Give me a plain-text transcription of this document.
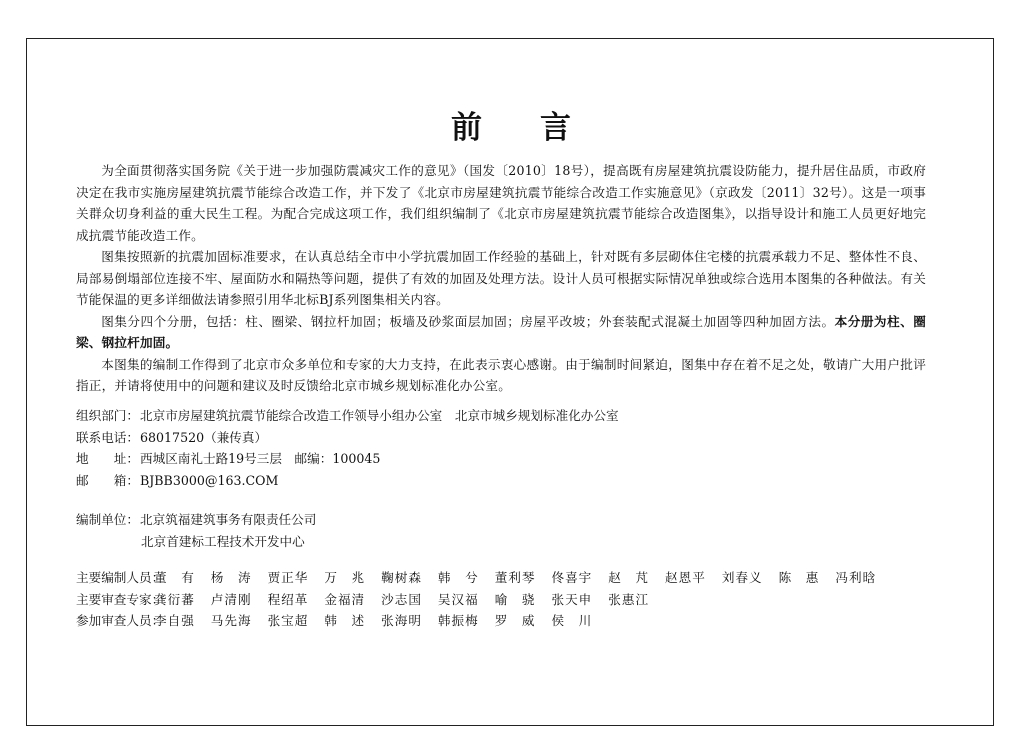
前 言

为全面贯彻落实国务院《关于进一步加强防震减灾工作的意见》（国发〔2010〕18号），提高既有房屋建筑抗震设防能力，提升居住品质，市政府决定在我市实施房屋建筑抗震节能综合改造工作，并下发了《北京市房屋建筑抗震节能综合改造工作实施意见》（京政发〔2011〕32号）。这是一项事关群众切身利益的重大民生工程。为配合完成这项工作，我们组织编制了《北京市房屋建筑抗震节能综合改造图集》，以指导设计和施工人员更好地完成抗震节能改造工作。

图集按照新的抗震加固标准要求，在认真总结全市中小学抗震加固工作经验的基础上，针对既有多层砌体住宅楼的抗震承载力不足、整体性不良、局部易倒塌部位连接不牢、屋面防水和隔热等问题，提供了有效的加固及处理方法。设计人员可根据实际情况单独或综合选用本图集的各种做法。有关节能保温的更多详细做法请参照引用华北标BJ系列图集相关内容。

图集分四个分册，包括：柱、圈梁、钢拉杆加固；板墙及砂浆面层加固；房屋平改坡；外套装配式混凝土加固等四种加固方法。本分册为柱、圈梁、钢拉杆加固。

本图集的编制工作得到了北京市众多单位和专家的大力支持，在此表示衷心感谢。由于编制时间紧迫，图集中存在着不足之处，敬请广大用户批评指正，并请将使用中的问题和建议及时反馈给北京市城乡规划标准化办公室。

组织部门：北京市房屋建筑抗震节能综合改造工作领导小组办公室　北京市城乡规划标准化办公室
联系电话：68017520（兼传真）
地　　址：西城区南礼士路19号三层　邮编：100045
邮　　箱：BJBB3000@163.COM
编制单位：北京筑福建筑事务有限责任公司
北京首建标工程技术开发中心
主要编制人员：董　有 杨　涛 贾正华 万　兆 鞠树森 韩　兮 董利琴 佟喜宇 赵　芃 赵恩平 刘春义 陈　惠 冯利晗
主要审查专家：龚衍蕃 卢清刚 程绍革 金福清 沙志国 吴汉福 喻　骁 张天申 张惠江
参加审查人员：李自强 马先海 张宝超 韩　述 张海明 韩振梅 罗　威 侯　川
